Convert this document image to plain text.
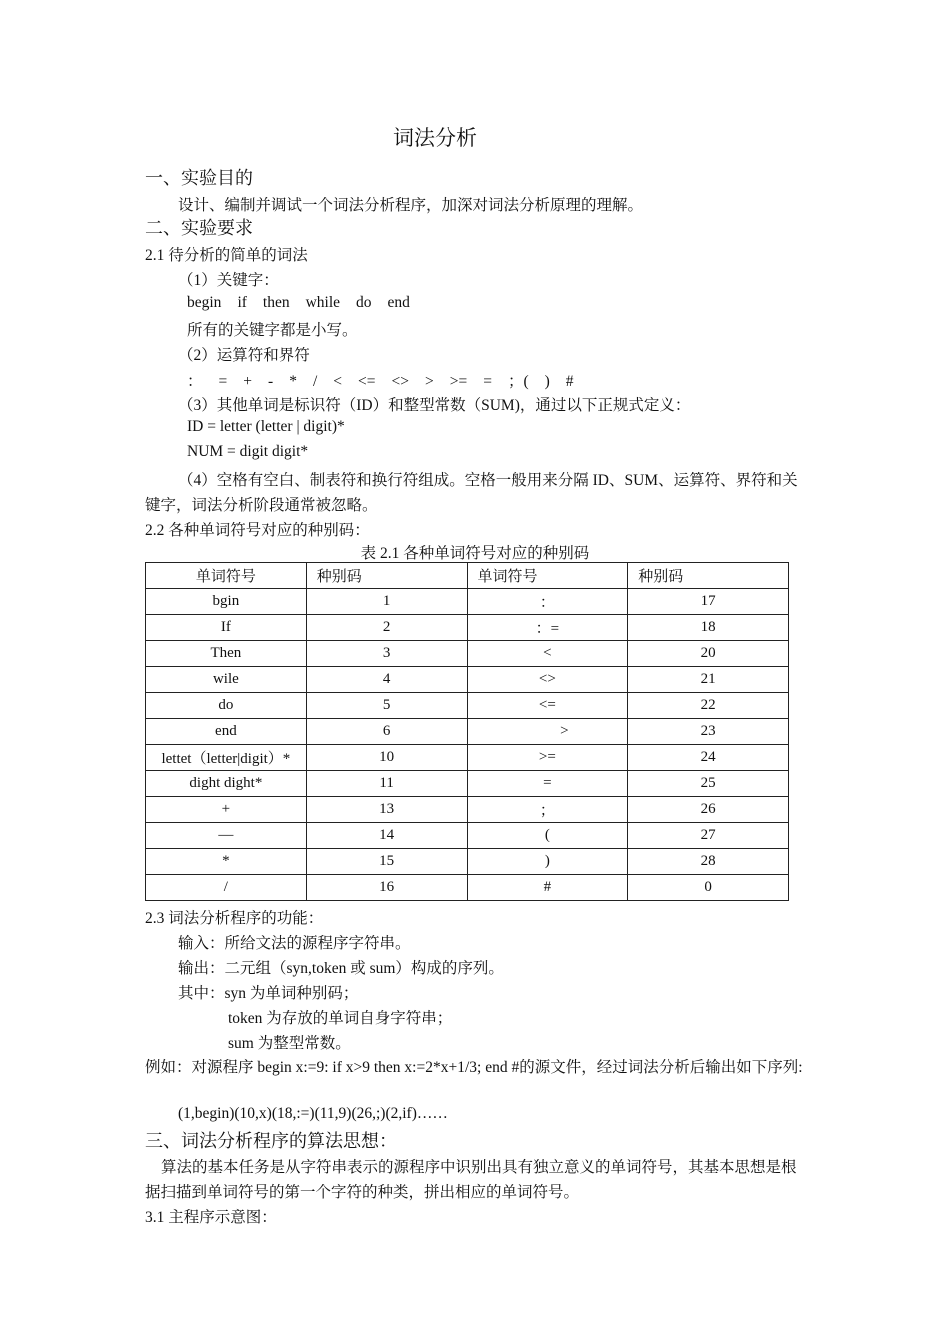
词法分析
一、实验目的
设计、编制并调试一个词法分析程序，加深对词法分析原理的理解。
二、实验要求
2.1 待分析的简单的词法
（1）关键字：
begin if then while do end
所有的关键字都是小写。
（2）运算符和界符
： = + - * / < <= <> > >= = ；( ) #
（3）其他单词是标识符（ID）和整型常数（SUM)，通过以下正规式定义：
ID = letter (letter | digit)*
NUM = digit digit*
（4）空格有空白、制表符和换行符组成。空格一般用来分隔 ID、SUM、运算符、界符和关键字，词法分析阶段通常被忽略。
2.2 各种单词符号对应的种别码：
表 2.1 各种单词符号对应的种别码
单词符号	种别码	单词符号	种别码
bgin	1	：	17
If	2	：=	18
Then	3	<	20
wile	4	<>	21
do	5	<=	22
end	6	>	23
lettet（letter|digit）*	10	>=	24
dight dight*	11	=	25
+	13	；	26
—	14	(	27
*	15	)	28
/	16	#	0
2.3 词法分析程序的功能：
输入：所给文法的源程序字符串。
输出：二元组（syn,token 或 sum）构成的序列。
其中：syn 为单词种别码；
token 为存放的单词自身字符串；
sum 为整型常数。
例如：对源程序 begin x:=9: if x>9 then x:=2*x+1/3; end #的源文件，经过词法分析后输出如下序列:
(1,begin)(10,x)(18,:=)(11,9)(26,;)(2,if)……
三、词法分析程序的算法思想：
算法的基本任务是从字符串表示的源程序中识别出具有独立意义的单词符号，其基本思想是根据扫描到单词符号的第一个字符的种类，拼出相应的单词符号。
3.1 主程序示意图：
